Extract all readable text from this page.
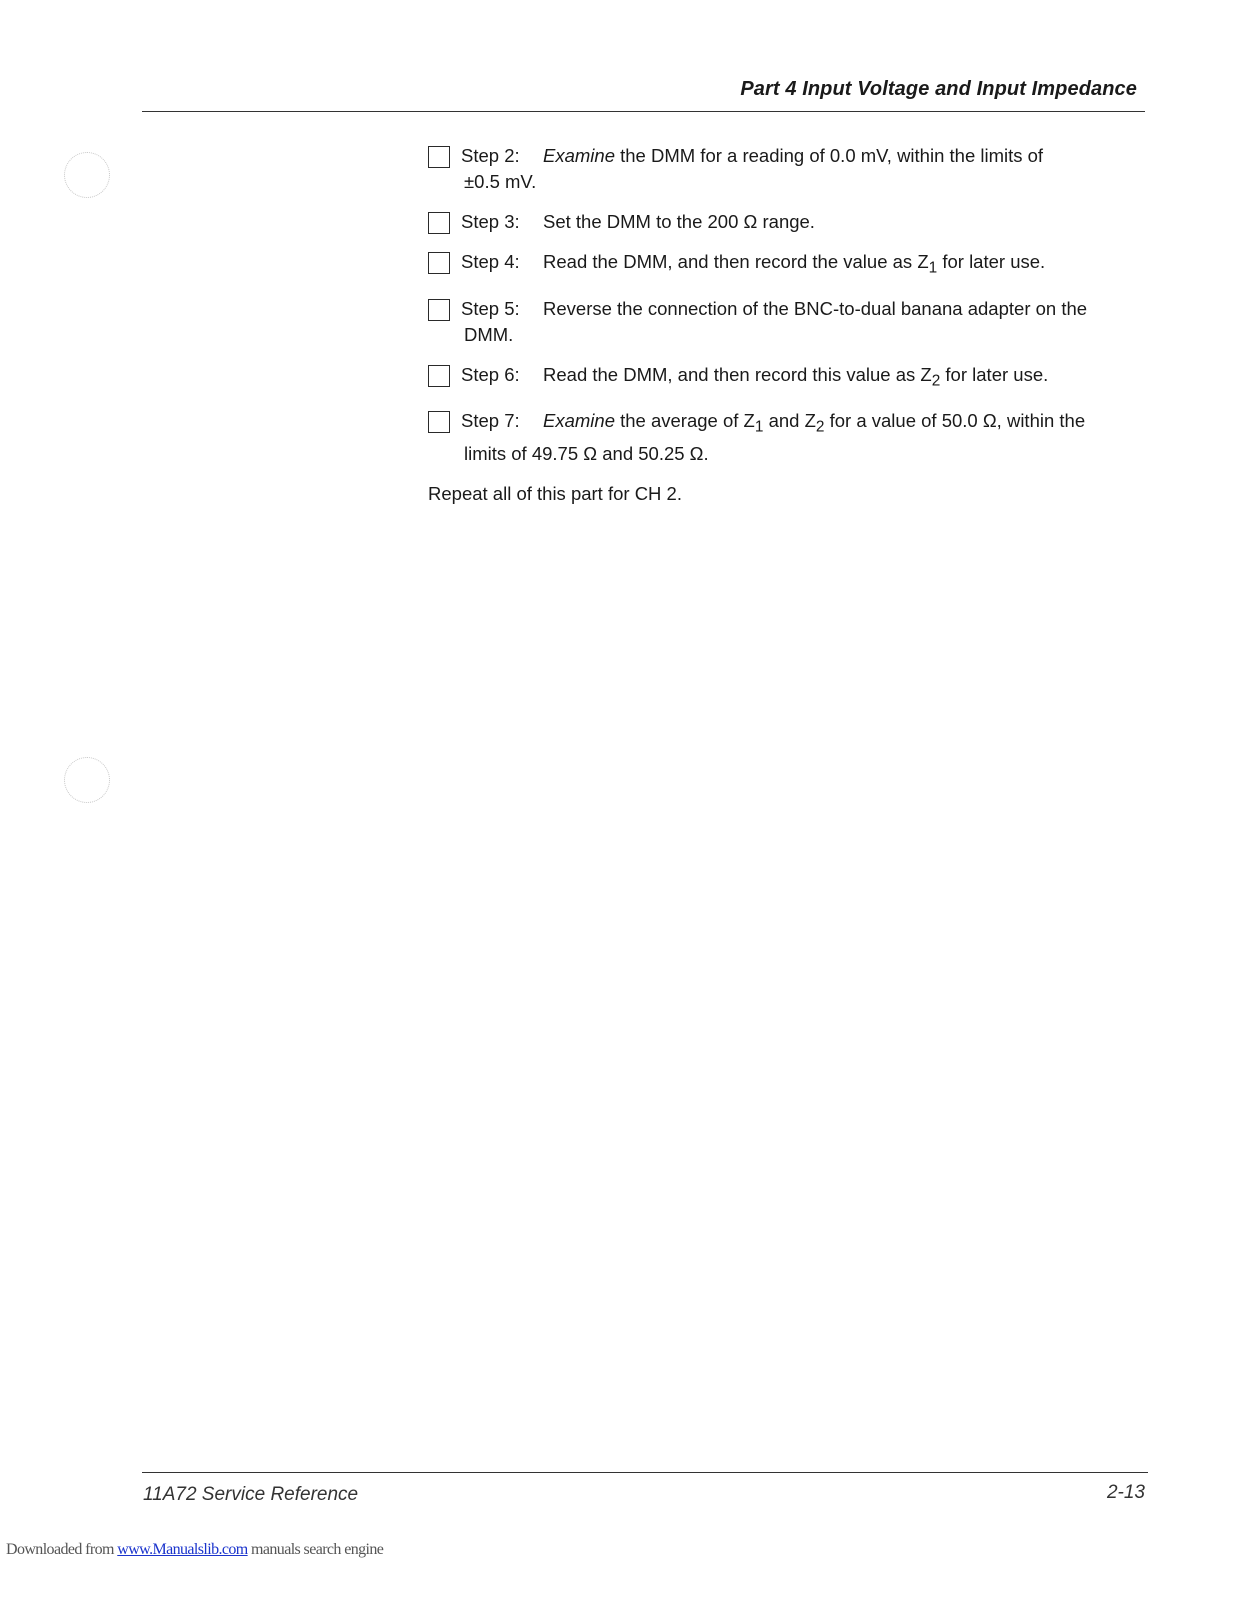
Part 4 Input Voltage and Input Impedance
Step 2: Examine the DMM for a reading of 0.0 mV, within the limits of
±0.5 mV.
Step 3: Set the DMM to the 200 Ω range.
Step 4: Read the DMM, and then record the value as $Z_1$ for later use.
Step 5: Reverse the connection of the BNC-to-dual banana adapter on the
DMM.
Step 6: Read the DMM, and then record this value as $Z_2$ for later use.
Step 7: Examine the average of $Z_1$ and $Z_2$ for a value of 50.0 Ω, within the
limits of 49.75 Ω and 50.25 Ω.
Repeat all of this part for CH 2.
11A72 Service Reference	2-13
Downloaded from www.Manualslib.com manuals search engine
